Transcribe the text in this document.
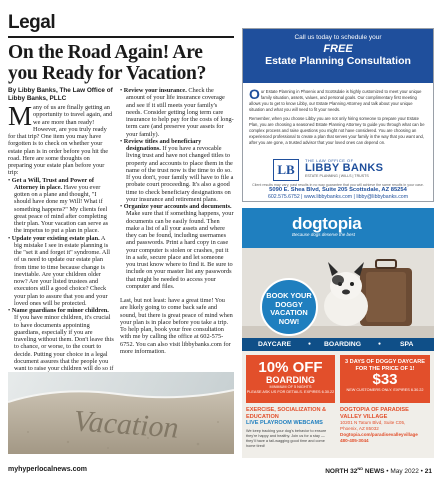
Legal
On the Road Again! Are you Ready for Vacation?
By Libby Banks, The Law Office of Libby Banks, PLLC

Many of us are finally getting an opportunity to travel again, and we are more than ready! However, are you truly ready for that trip? One item you may have forgotten is to check on whether your estate plan is in order before you hit the road. Here are some thoughts on preparing your estate plan before your trip:

• Get a Will, Trust and Power of Attorney in place. Have you ever gotten on a plane and thought, "I should have done my Will! What if something happens?" My clients feel great peace of mind after completing their plan. Your vacation can serve as the impetus to put a plan in place.

• Update your existing estate plan. A big mistake I see in estate planning is the "set it and forget it" syndrome. All of us need to update our estate plan from time to time because change is inevitable. Are your children older now? Are your listed trustees and executors still a good choice? Check your plan to assure that you and your loved ones will be protected.

• Name guardians for minor children. If you have minor children, it's crucial to have documents appointing guardians, especially if you are traveling without them. Don't leave this to chance, or worse, to the court to decide. Putting your choice in a legal document assures that the people you want to raise your children will do so if

• Review your insurance. Check the amount of your life insurance coverage and see if it still meets your family's needs. Consider getting long term care insurance to help pay for the costs of long-term care (and preserve your assets for your family).

• Review titles and beneficiary designations. If you have a revocable living trust and have not changed titles to property and accounts to place them in the name of the trust now is the time to do so. If you don't, your family will have to file a probate court proceeding. It's also a good time to check beneficiary designations on your insurance and retirement plans.

• Organize your accounts and documents. Make sure that if something happens, your documents can be easily found. Then make a list of all your assets and where they can be found, including usernames and passwords. Print a hard copy in case your computer is stolen or crashes, put it in a safe, secure place and let someone you trust know where to find it. Be sure to include on your master list any passwords that might be needed to access your computer and files.

Last, but not least: have a great time! You are likely going to come back safe and sound, but there is great peace of mind when your plan is in place before you take a trip. To help plan, book your free consultation with me by calling the office at 602-575-6752. You can also visit libbybanks.com for more information.

Vacation
myhyperlocalnews.com	NORTH 32ND NEWS • May 2022 • 21
Call us today to schedule your
FREE
Estate Planning Consultation

Our Estate Planning in Phoenix and Scottsdale is highly customized to meet your unique family situation, assets, values, and personal goals. Our complimentary first meeting allows you to get to know Libby, our Estate Planning Attorney and talk about your unique situation and what you will need to fit your needs.

Remember, when you choose Libby you are not only hiring someone to prepare your Estate Plan, you are choosing a seasoned Estate Planning Attorney to guide you through what can be complex process and raise questions you might not have considered. You are choosing an experienced professional to create a plan that serves your family in the way that you want and, after you are gone, a trusted advisor that your loved ones can depend on.

LB
THE LAW OFFICE OF
LIBBY BANKS
ESTATE PLANNING | WILLS | TRUSTS
Client results may vary, past results in no way guarantee that you will achieve the same results in your case.
5090 E. Shea Blvd, Suite 205 Scottsdale, AZ 85254
602.575.6752 | www.libbybanks.com | libby@libbybanks.com
dogtopia
Because dogs deserve the best
BOOK YOUR DOGGY VACATION NOW!
DAYCARE	● BOARDING	●	SPA
10% OFF
BOARDING
MINIMUM OF 5 NIGHTS
PLEASE ASK US FOR DETAILS. EXPIRES 6.30.22
3 DAYS OF DOGGY DAYCARE FOR THE PRICE OF 1!
$33
NEW CUSTOMERS ONLY. EXPIRES 6.30.22
EXERCISE, SOCIALIZATION & EDUCATION
LIVE PLAYROOM WEBCAMS
We keep tracking your dog's behavior to ensure they're happy and healthy. Join us for a stay — they'll have a tail-wagging good time and come home tired!
DOGTOPIA OF PARADISE VALLEY VILLAGE
10201 N Tatum Blvd, Suite C05,
Phoenix, AZ 85032
Dogtopia.com/paradisevalleyvillage
480-405-3044
